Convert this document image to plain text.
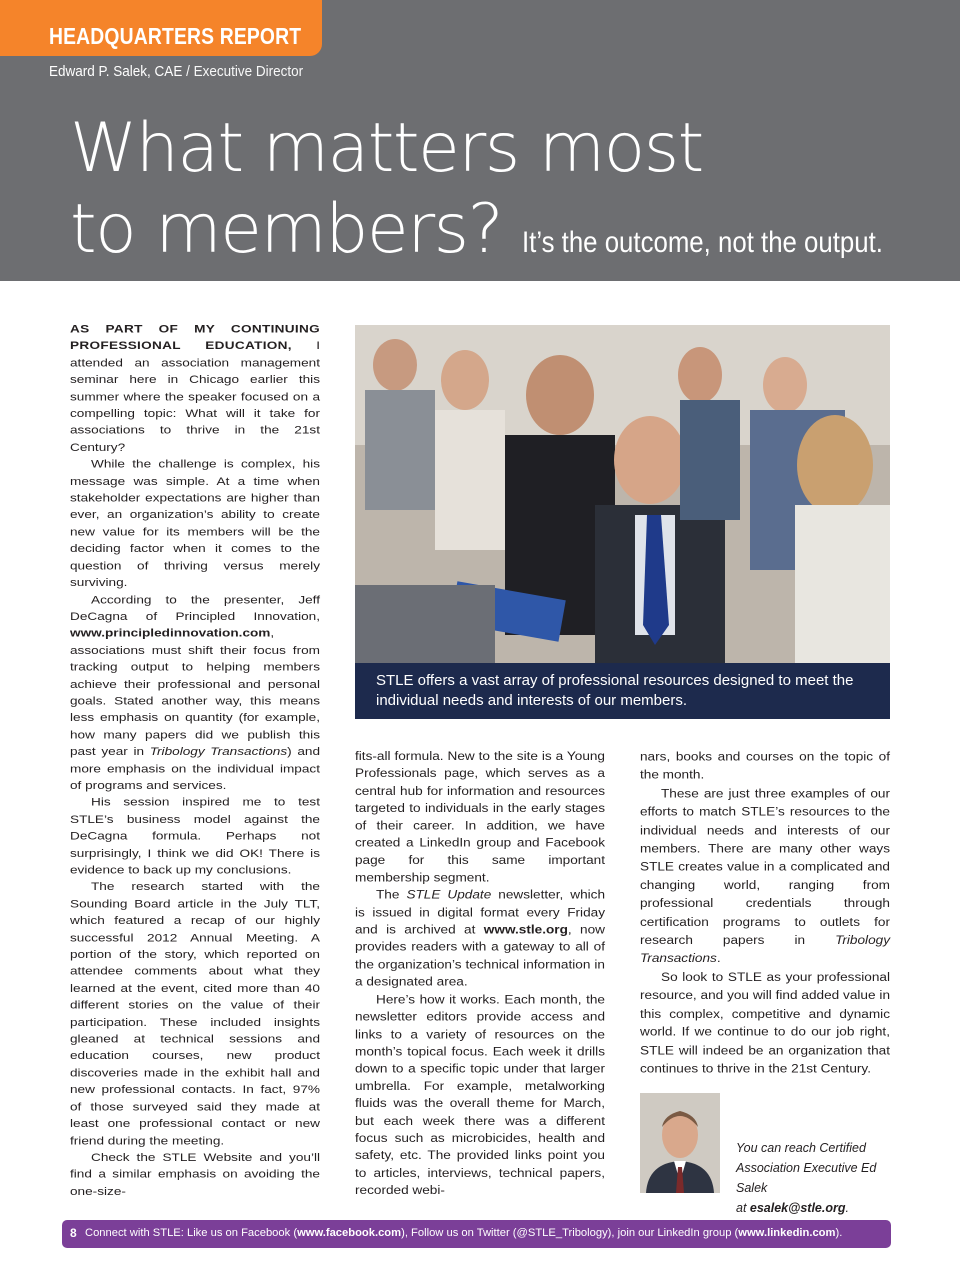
HEADQUARTERS REPORT
Edward P. Salek, CAE / Executive Director
What matters most
to members? It’s the outcome, not the output.

AS PART OF MY CONTINUING PROFESSIONAL EDUCATION, I attended an association management seminar here in Chicago earlier this summer where the speaker focused on a compelling topic: What will it take for associations to thrive in the 21st Century?

While the challenge is complex, his message was simple. At a time when stakeholder expectations are higher than ever, an organization’s ability to create new value for its members will be the deciding factor when it comes to the question of thriving versus merely surviving.

According to the presenter, Jeff DeCagna of Principled Innovation, www.principledinnovation.com, associations must shift their focus from tracking output to helping members achieve their professional and personal goals. Stated another way, this means less emphasis on quantity (for example, how many papers did we publish this past year in Tribology Transactions) and more emphasis on the individual impact of programs and services.

His session inspired me to test STLE’s business model against the DeCagna formula. Perhaps not surprisingly, I think we did OK! There is evidence to back up my conclusions.

The research started with the Sounding Board article in the July TLT, which featured a recap of our highly successful 2012 Annual Meeting. A portion of the story, which reported on attendee comments about what they learned at the event, cited more than 40 different stories on the value of their participation. These included insights gleaned at technical sessions and education courses, new product discoveries made in the exhibit hall and new professional contacts. In fact, 97% of those surveyed said they made at least one professional contact or new friend during the meeting.

Check the STLE Website and you’ll find a similar emphasis on avoiding the one-size-

STLE offers a vast array of professional resources designed to meet the individual needs and interests of our members.

fits-all formula. New to the site is a Young Professionals page, which serves as a central hub for information and resources targeted to individuals in the early stages of their career. In addition, we have created a LinkedIn group and Facebook page for this same important membership segment.

The STLE Update newsletter, which is issued in digital format every Friday and is archived at www.stle.org, now provides readers with a gateway to all of the organization’s technical information in a designated area.

Here’s how it works. Each month, the newsletter editors provide access and links to a variety of resources on the month’s topical focus. Each week it drills down to a specific topic under that larger umbrella. For example, metalworking fluids was the overall theme for March, but each week there was a different focus such as microbicides, health and safety, etc. The provided links point you to articles, interviews, technical papers, recorded webi-

nars, books and courses on the topic of the month.

These are just three examples of our efforts to match STLE’s resources to the individual needs and interests of our members. There are many other ways STLE creates value in a complicated and changing world, ranging from professional credentials through certification programs to outlets for research papers in Tribology Transactions.

So look to STLE as your professional resource, and you will find added value in this complex, competitive and dynamic world. If we continue to do our job right, STLE will indeed be an organization that continues to thrive in the 21st Century.

You can reach Certified
Association Executive Ed Salek
at esalek@stle.org.
8 Connect with STLE: Like us on Facebook (www.facebook.com), Follow us on Twitter (@STLE_Tribology), join our LinkedIn group (www.linkedin.com).
